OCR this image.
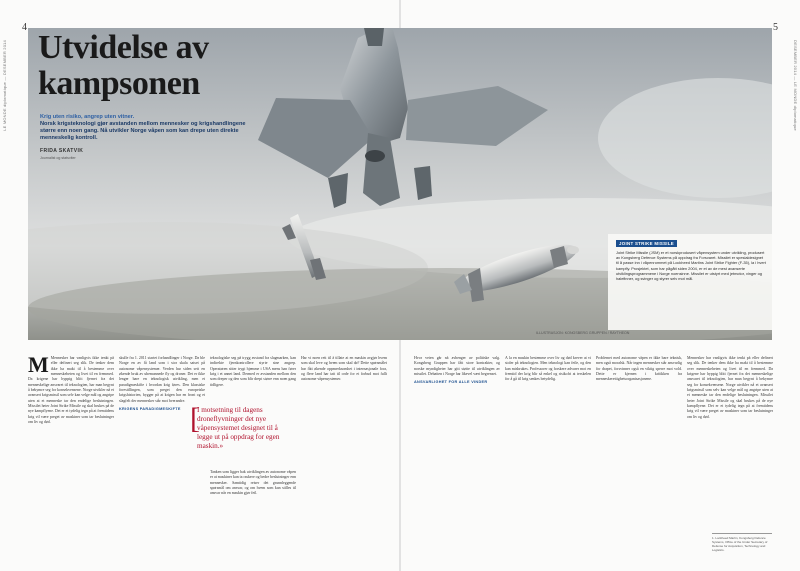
4	5
LE MONDE diplomatique — DESEMBER 2014	DESEMBER 2014 — LE MONDE diplomatique
Utvidelse av kampsonen
Krig uten risiko, angrep uten vitner.
Norsk krigsteknologi gjør avstanden mellom mennesker og krigshandlingene større enn noen gang. Nå utvikler Norge våpen som kan drepe uten direkte menneskelig kontroll.
FRIDA SKATVIK
Journalist og statsviter
ILLUSTRASJON: KONGSBERG GRUPPEN / RAYTHEON
JOINT STRIKE MISSILE
Joint Strike Missile (JSM) er et norskprodusert våpensystem under utvikling, produsert av Kongsberg Defence Systems på oppdrag fra Forsvaret. Missilet er spesialdesignet til å passe inn i våpenrommet på Lockheed Martins Joint Strike Fighter (F-35), la i hvert kampfly. Prosjektet, som har pågått siden 2004, er et av de mest avanserte utviklingsprogrammene i Norge noensinne. Missilet er utstyrt med jetmotor, vinger og halefinner, og svinger og styrer selv mot mål.
M Mennesker har vanligvis ikke tenkt på eller definert seg slik. De tenker dem ikke ha makt til å bestemme over menneskeheten og livet til en fremmed. Da krigene har hyppig blitt fjernet fra det menneskelige ansvaret til teknologien, har man begynt å bekymre seg for konsekvensene. Norge utvikler nå et avansert krigsmissil som selv kan velge mål og angripe uten at et menneske tar den endelige beslutningen. Missilet heter Joint Strike Missile og skal brukes på de nye kampflyene. Det er et tydelig tegn på at fremtidens krig vil være preget av maskiner som tar beslutninger om liv og død.

skulle fra 1. 2011 startet forhandlinger i Norge. Da ble Norge en av få land som i stor skala satset på autonome våpensystemer. Verden har siden sett en økende bruk av ubemannede fly og droner. Det er ikke lenger bare en teknologisk utvikling, men et paradigmeskifte i hvordan krig føres. Den klassiske forestillingen, som preget den europeiske krigshistorien, bygger på at krigen har en front og et slagfelt der mennesker står mot hverandre.

KRIGENS PARADIGMESKIFTE

teknologiske seg på trygg avstand fra slagmarken, kan indirekte fjernkontrollere styrte sine angrep. Operatøren sitter trygt hjemme i USA mens han fører krig i et annet land. Dermed er avstanden mellom den som dreper og den som blir drept større enn noen gang tidligere.

[
I motsetning til dagens droneflyvninger det nye våpensystemet designet til å legge ut på oppdrag for egen maskin.»

Tanken som ligger bak utviklingen av autonome våpen er at maskiner kan ta raskere og bedre beslutninger enn mennesker. Samtidig reiser det grunnleggende spørsmål om ansvar, og om hvem som kan stilles til ansvar når en maskin gjør feil.

Har vi noen rett til å tillate at en maskin avgjør hvem som skal leve og hvem som skal dø? Dette spørsmålet har fått økende oppmerksomhet i internasjonale fora, og flere land har tatt til orde for et forbud mot fullt autonome våpensystemer.

Hvor veien går nå avhenger av politiske valg. Kongsberg Gruppen har fått store kontrakter, og norske myndigheter har gitt støtte til utviklingen av missilet. Debatten i Norge har likevel vært begrenset.

ANSVARLIGHET FOR ALLE VINDER

Å la en maskin bestemme over liv og død krever at vi stoler på teknologien. Men teknologi kan feile, og den kan misbrukes. Professorer og forskere advarer mot en fremtid der krig blir så enkel og risikofri at terskelen for å gå til krig senkes betydelig.

Problemet med autonome våpen er ikke bare teknisk, men også moralsk. Når ingen mennesker står ansvarlig for drapet, forsvinner også en viktig sperre mot vold. Dette er kjernen i kritikken fra menneskerettighetsorganisasjonene.

Mennesker har vanligvis ikke tenkt på eller definert seg slik. De tenker dem ikke ha makt til å bestemme over menneskeheten og livet til en fremmed. Da krigene har hyppig blitt fjernet fra det menneskelige ansvaret til teknologien, har man begynt å bekymre seg for konsekvensene. Norge utvikler nå et avansert krigsmissil som selv kan velge mål og angripe uten at et menneske tar den endelige beslutningen. Missilet heter Joint Strike Missile og skal brukes på de nye kampflyene. Det er et tydelig tegn på at fremtidens krig vil være preget av maskiner som tar beslutninger om liv og død.

1. Lockheed Martin, Kongsberg Defence Systems, Office of the Under Secretary of Defense for Acquisition, Technology and Logistics.
